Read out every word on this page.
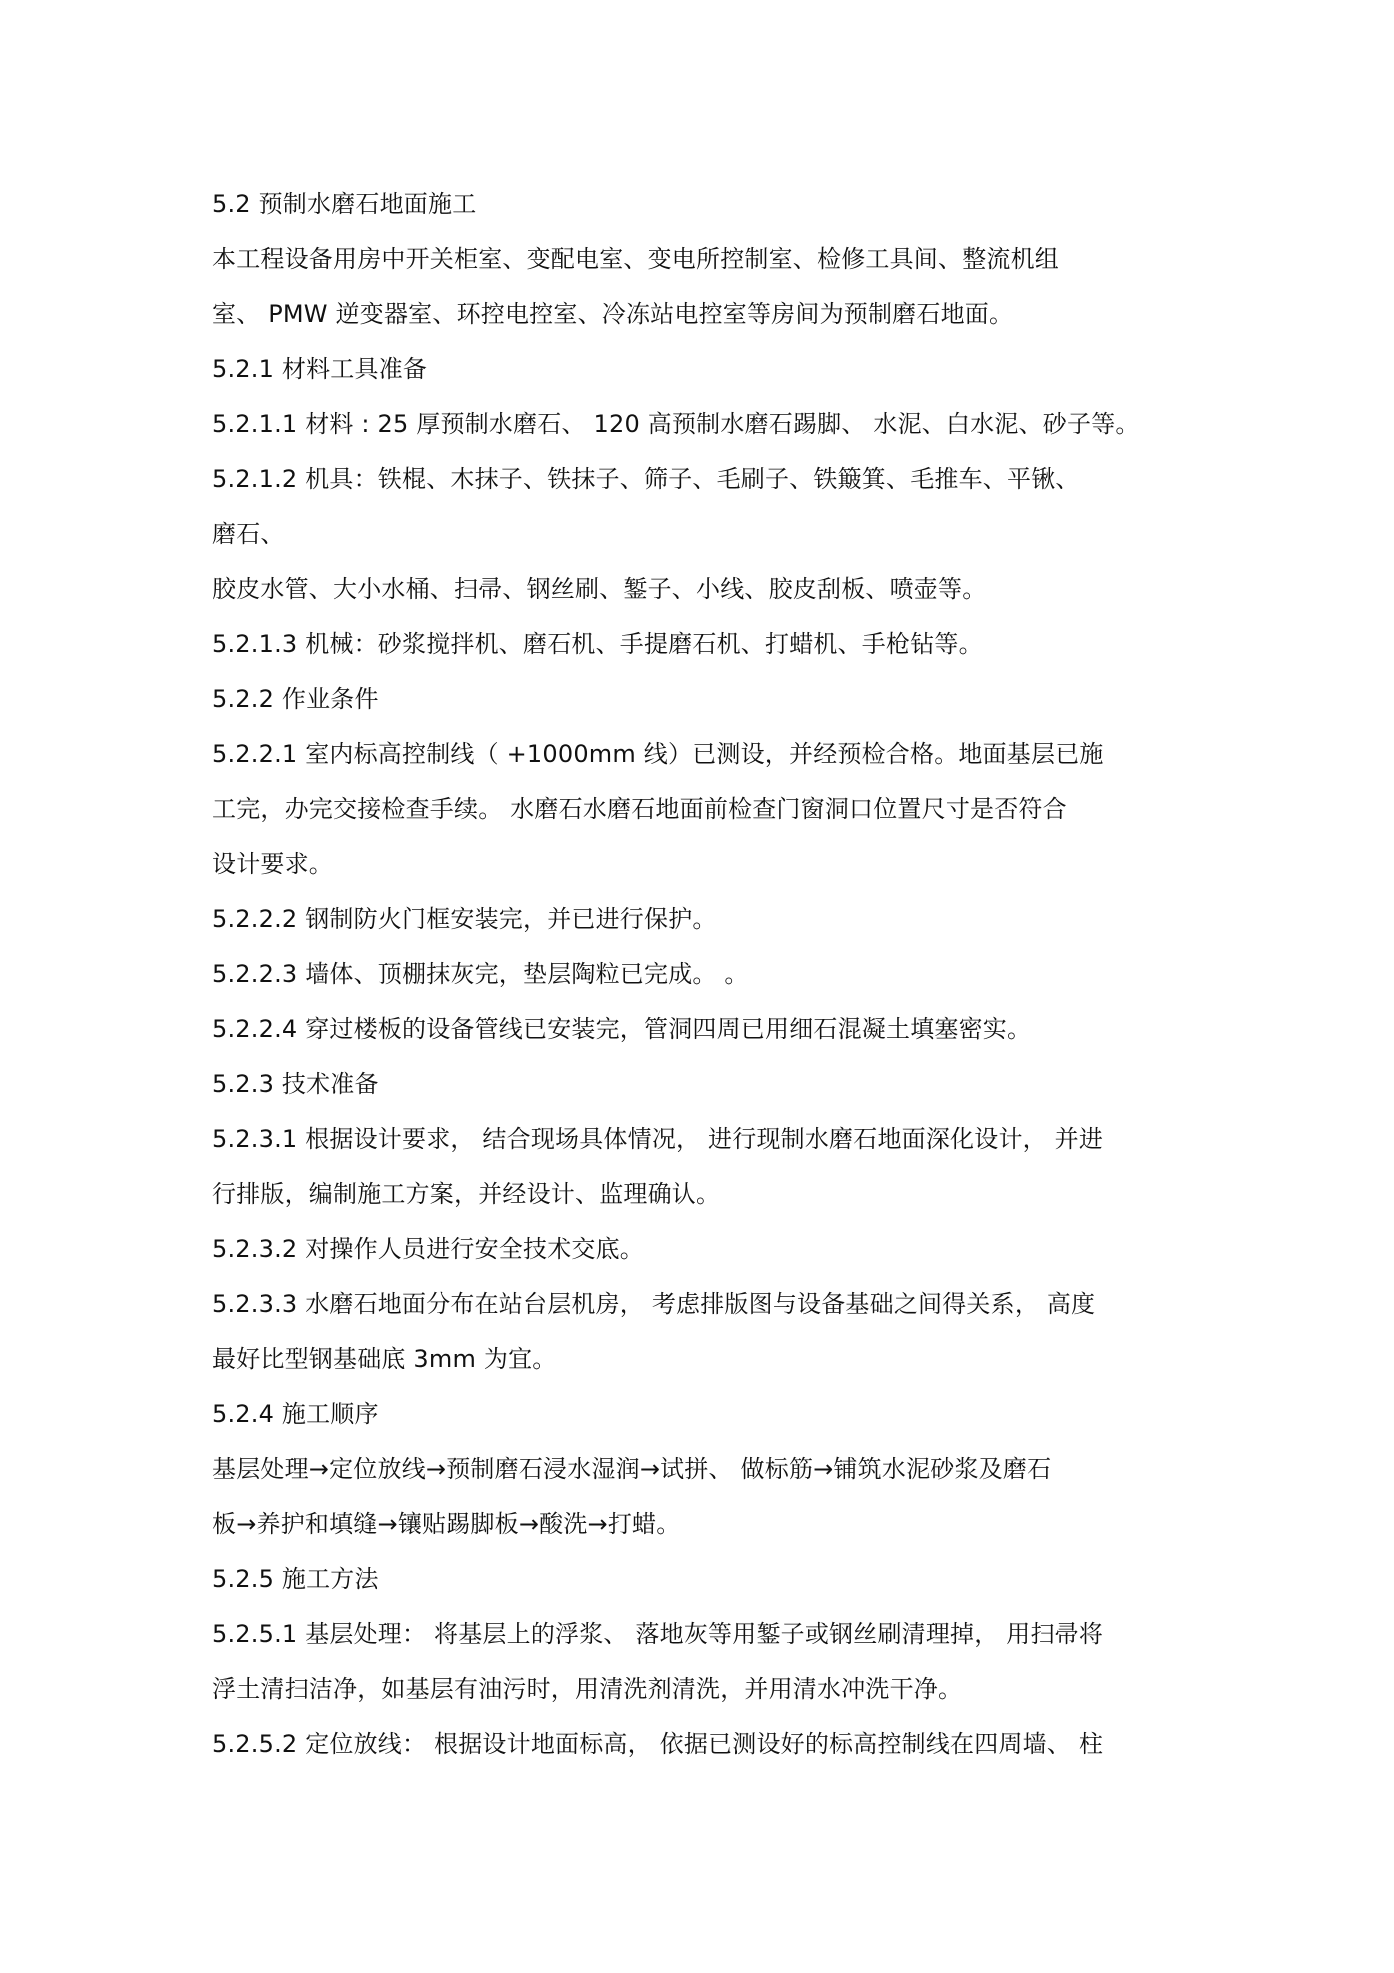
5.2 预制水磨石地面施工
本工程设备用房中开关柜室、变配电室、变电所控制室、检修工具间、整流机组
室、 PMW 逆变器室、环控电控室、冷冻站电控室等房间为预制磨石地面。
5.2.1 材料工具准备
5.2.1.1 材料 : 25 厚预制水磨石、 120 高预制水磨石踢脚、 水泥、白水泥、砂子等。
5.2.1.2 机具：铁棍、木抹子、铁抹子、筛子、毛刷子、铁簸箕、毛推车、平锹、
磨石、
胶皮水管、大小水桶、扫帚、钢丝刷、錾子、小线、胶皮刮板、喷壶等。
5.2.1.3 机械：砂浆搅拌机、磨石机、手提磨石机、打蜡机、手枪钻等。
5.2.2 作业条件
5.2.2.1 室内标高控制线（ +1000mm 线）已测设，并经预检合格。地面基层已施
工完，办完交接检查手续。 水磨石水磨石地面前检查门窗洞口位置尺寸是否符合
设计要求。
5.2.2.2 钢制防火门框安装完，并已进行保护。
5.2.2.3 墙体、顶棚抹灰完，垫层陶粒已完成。 。
5.2.2.4 穿过楼板的设备管线已安装完，管洞四周已用细石混凝土填塞密实。
5.2.3 技术准备
5.2.3.1 根据设计要求， 结合现场具体情况， 进行现制水磨石地面深化设计， 并进
行排版，编制施工方案，并经设计、监理确认。
5.2.3.2 对操作人员进行安全技术交底。
5.2.3.3 水磨石地面分布在站台层机房， 考虑排版图与设备基础之间得关系， 高度
最好比型钢基础底 3mm 为宜。
5.2.4 施工顺序
基层处理→定位放线→预制磨石浸水湿润→试拼、 做标筋→铺筑水泥砂浆及磨石
板→养护和填缝→镶贴踢脚板→酸洗→打蜡。
5.2.5 施工方法
5.2.5.1 基层处理： 将基层上的浮浆、 落地灰等用錾子或钢丝刷清理掉， 用扫帚将
浮土清扫洁净，如基层有油污时，用清洗剂清洗，并用清水冲洗干净。
5.2.5.2 定位放线： 根据设计地面标高， 依据已测设好的标高控制线在四周墙、 柱
